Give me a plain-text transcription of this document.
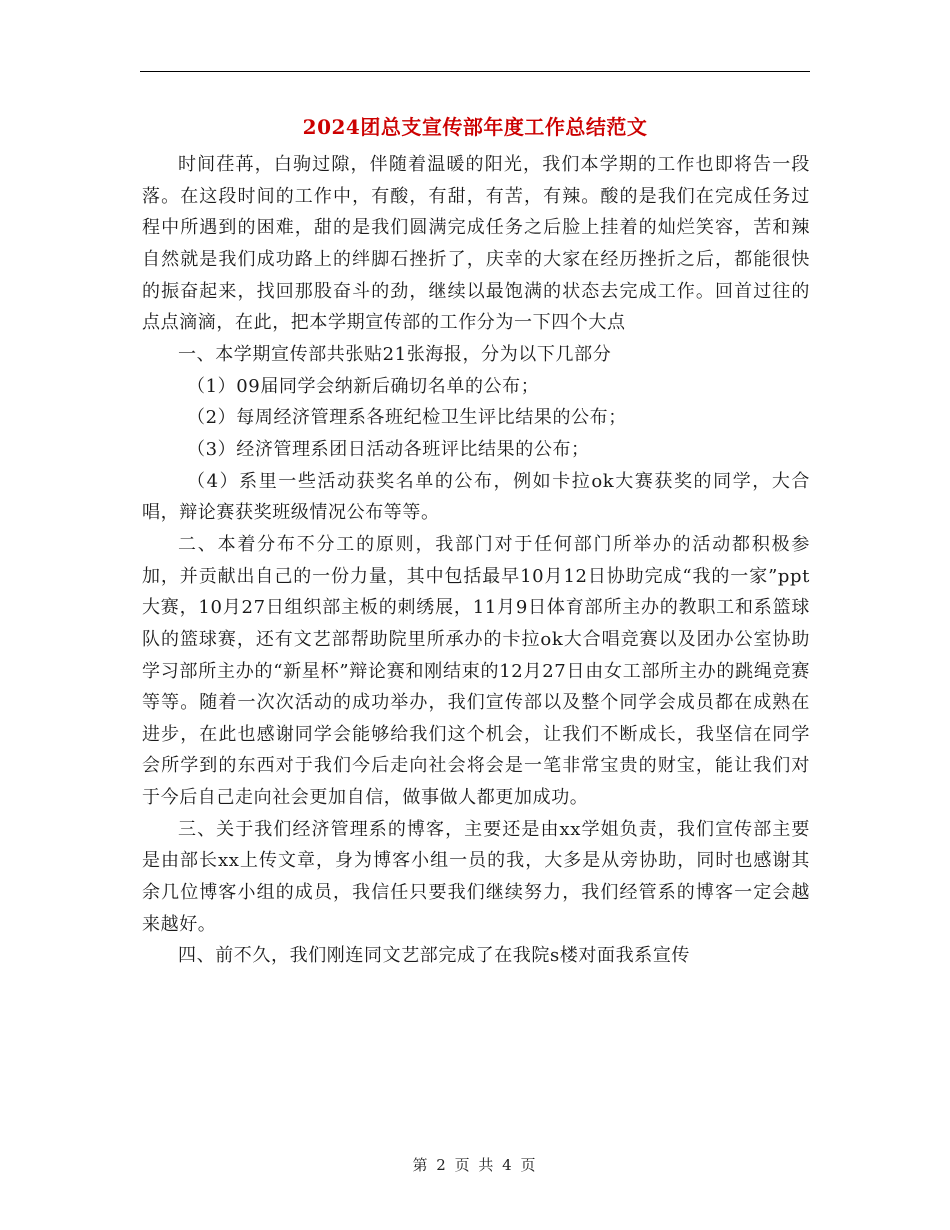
2024团总支宣传部年度工作总结范文

时间荏苒，白驹过隙，伴随着温暖的阳光，我们本学期的工作也即将告一段落。在这段时间的工作中，有酸，有甜，有苦，有辣。酸的是我们在完成任务过程中所遇到的困难，甜的是我们圆满完成任务之后脸上挂着的灿烂笑容，苦和辣自然就是我们成功路上的绊脚石挫折了，庆幸的大家在经历挫折之后，都能很快的振奋起来，找回那股奋斗的劲，继续以最饱满的状态去完成工作。回首过往的点点滴滴，在此，把本学期宣传部的工作分为一下四个大点

一、本学期宣传部共张贴21张海报，分为以下几部分

（1）09届同学会纳新后确切名单的公布；

（2）每周经济管理系各班纪检卫生评比结果的公布；

（3）经济管理系团日活动各班评比结果的公布；

（4）系里一些活动获奖名单的公布，例如卡拉ok大赛获奖的同学，大合唱，辩论赛获奖班级情况公布等等。

二、本着分布不分工的原则，我部门对于任何部门所举办的活动都积极参加，并贡献出自己的一份力量，其中包括最早10月12日协助完成“我的一家”ppt大赛，10月27日组织部主板的刺绣展，11月9日体育部所主办的教职工和系篮球队的篮球赛，还有文艺部帮助院里所承办的卡拉ok大合唱竞赛以及团办公室协助学习部所主办的“新星杯”辩论赛和刚结束的12月27日由女工部所主办的跳绳竞赛等等。随着一次次活动的成功举办，我们宣传部以及整个同学会成员都在成熟在进步，在此也感谢同学会能够给我们这个机会，让我们不断成长，我坚信在同学会所学到的东西对于我们今后走向社会将会是一笔非常宝贵的财宝，能让我们对于今后自己走向社会更加自信，做事做人都更加成功。

三、关于我们经济管理系的博客，主要还是由xx学姐负责，我们宣传部主要是由部长xx上传文章，身为博客小组一员的我，大多是从旁协助，同时也感谢其余几位博客小组的成员，我信任只要我们继续努力，我们经管系的博客一定会越来越好。

四、前不久，我们刚连同文艺部完成了在我院s楼对面我系宣传

第 2 页 共 4 页
